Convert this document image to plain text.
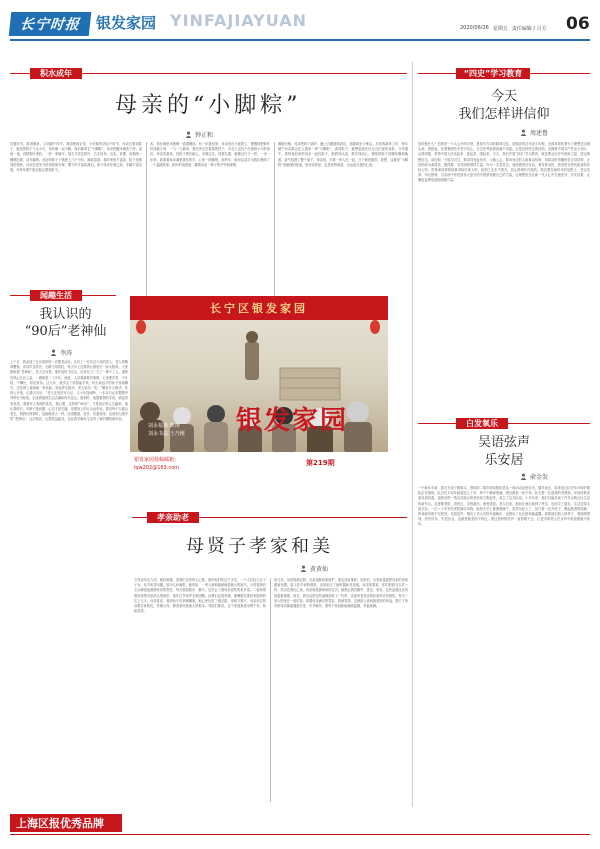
长宁时报 银发家园 YINFAJIAYUAN	2020/06/26 星期五 责任编辑 / 吕方 06
积水成年
母亲的“小脚粽”
钟正和

初夏时节，粽香飘来，又到端午时节。我清楚地记得，小时候每到这个时节，母亲总要包粽子，她包的粽子个头小巧，形状像一双小脚，我们都叫它“小脚粽”。母亲把糯米淘洗干净，浸泡一夜，再把粽叶煮软，一张一张铺平。她左手托住粽叶，右手舀米，压实，折叠，用棉线一圈圈扎紧，动作麻利。包好的粽子下锅煮上几个小时，满屋清香。那时家里不富裕，粽子是难得的美味，母亲总是先分给邻居和长辈，剩下的才留给我们。如今母亲年事已高，手脚不再灵便，可每年端午她还惦记着包粽子。

米，再在碗里用细绳一道道缠绕。有一年我回家，母亲坐在小板凳上，慢慢地把粽叶折成漏斗形，一勺一勺填米，我在旁边学着她的样子，可怎么也包不出那种小巧的形状。母亲笑着说，包粽子要有耐心，米要压实，线要扎紧，就像过日子一样，一步一步来。我看着母亲满是皱纹的手，心里一阵酸楚。那些年，她用这双手为我们操持了一个温暖的家。粽叶的清香里，藏着母亲一辈子的辛劳和深情。

刚刚出锅，母亲把粽子剥开，蘸上白糖递给我们，那甜味至今难忘。后来我离家工作，每年端午母亲都会托人捎来一串“小脚粽”，看到粽子，就想起她在灶台边忙碌的身影。今年端午，我特意回家陪母亲一起包粽子，她教得认真，我学得用心。锅里的粽子咕嘟咕嘟地响着，香气弥漫了整个屋子。母亲说，只要一家人在一起，日子就是甜的。我想，这就是“小脚粽”里最深的味道，是母亲的爱，也是家的味道，永远留在我的心里。

闻趣生活
我认识的
“90后”老神仙
李涛

上个月，我参加了社区组织的一次敬老活动，认识了一位年过九旬的老人。老人家精神矍铄，说话声音洪亮，走路不用拐杖，每天早上还要到公园里打一套太极拳。大家都叫他“老神仙”。老人告诉我，他年轻时当过兵，后来在工厂当了一辈子工人，退休后热心社区公益，一做就是二十多年。他说，人活着就要有事做，心里要亮堂，不计较，不攀比，知足常乐。这几年，他学会了用智能手机，每天和远方的孙子视频聊天，还在网上看新闻、听戏曲。说起养生秘诀，老人哈哈一笑：“哪有什么秘诀，吃饭七分饱，心情天天好。”老人还坚持写日记，几十年没间断，一本本日记本整整齐齐码在书柜里，记录着他的生活点滴和时代变迁。临别时，他握着我的手说，欢迎常来坐坐。看着老人爽朗的笑容，我心想，这样的“90后”，才是真正的人生赢家。他让我明白，年龄不是问题，心态才是关键，乐观向上的人永远年轻。我们每个人都会老去，愿我们到那时，也能像老人一样，活得健康、快乐、有滋有味，活成别人眼中的“老神仙”。这次相识，让我受益匪浅，也让我对晚年生活有了新的期待和向往。

长宁区银发家园
刘永福摄 陈翔
刘永书法 王乃刚 银发家园
银发家园投稿邮箱：
lqw202@163.com
第219期
孝亲助老
母贤子孝家和美
黄黄仙

文母亲年近九旬，慈祥和蔼，是我们全家的主心骨。她年轻时吃过不少苦，一个人拉扯大五个子女，从不叫苦叫累。如今儿孙满堂，她常说，一家人和和睦睦就是最大的福气。大哥退休后主动承担起照顾母亲的责任，每天陪她散步、聊天，还学会了做母亲爱吃的家乡菜。二姐每周都回来帮母亲洗头剪指甲，逢年过节张罗全家团聚。孙辈们也很孝顺，寒暑假总要回来陪奶奶住上几天。母亲常说，看到孩子们孝顺懂事，她心里比吃了蜜还甜。家和万事兴，母亲用言传身教告诉我们，孝顺父母、尊老爱幼是做人的根本。邻居们都说，这个家庭真是母贤子孝，和和美美。

前几年，母亲因病住院，兄弟姐妹轮流陪护，谁也没有推辞。出院后，大家商量着把母亲的房间重新布置，装上扶手和防滑垫，还给她买了助听器和老花镜。母亲笑着说，你们把我当宝贝一样。其实在我们心里，母亲就是最珍贵的宝贝。她教会我们勤劳、善良、宽容，这些品德比任何财富都重要。现在，我们也把这些道理讲给下一代听，希望孝老爱亲的好家风代代相传。每当一家人围坐在一起吃饭，看着母亲满足的笑容，我就觉得，这就是人世间最美好的幸福。愿天下所有的母亲都能健康长寿，安享晚年，愿每个家庭都能和睦温馨，幸福美满。

“四史”学习教育
今天
我们怎样讲信仰
周述鲁

信仰是什么？信仰是一个人心中的灯塔，是指引方向的精神支柱。回顾党的百年奋斗历程，无数革命先辈为了理想信念抛头颅、洒热血，在艰难困苦中坚守初心，在生死考验面前毫不动摇。正是这种坚定的信仰，支撑着中国共产党从小到大、从弱到强，带领中国人民站起来、富起来、强起来。今天，我们开展“四史”学习教育，就是要从历史中汲取力量，坚定理想信念。讲信仰，不能空对空，要讲得有血有肉、入脑入心。要用身边的人和事讲信仰，用群众听得懂的语言讲信仰，让信仰成为看得见、摸得着、学得到的榜样力量。作为一名老党员，我深感责任在肩，要发挥余热，把党的光荣传统讲给年轻人听，把革命前辈的故事讲给后来人听。信仰之光永不熄灭，初心使命代代相传。我们要在新时代的征程上，坚定信仰、牢记使命，为实现中华民族伟大复兴的中国梦贡献自己的力量，让理想信念在新一代人心中生根发芽、开花结果，汇聚起奋勇前进的磅礴力量。

白发氧乐
吴语弦声
乐安居
俞金发

一个新年手新，我走在南宁路街头，悠扬的二胡声和吴侬软语从一间活动室里传出，循声而去，原来是社区老年评弹沪剧队正在排练。队员们平均年龄超过七十岁，却个个精神饱满，唱念做表一丝不苟。队长是一位退休的老教师，年轻时就喜欢吴语戏曲，退休后把一帮志同道合的老伙伴召集起来，成立了这支队伍。十多年来，他们自编自演了许多反映社区生活的新节目，走进敬老院、居民区、学校演出，深受欢迎。老人们说，唱戏让他们找到了快乐，也结交了朋友，生活变得丰富多彩。一位八十多岁的老阿姨告诉我，她每天早上都要练嗓子，虽然年纪大了，但只要一拉开弦子，唱起熟悉的曲调，浑身就有使不完的劲。吴语弦声，唱出了老人们的幸福晚年，也唱出了社区的和谐温馨。看着他们投入的样子，我深深感到，老有所乐，安居乐业，这就是最美的夕阳红。愿这悠扬的弦声一直传唱下去，让更多的老人在乐声中收获健康与快乐。

上海区报优秀品牌
